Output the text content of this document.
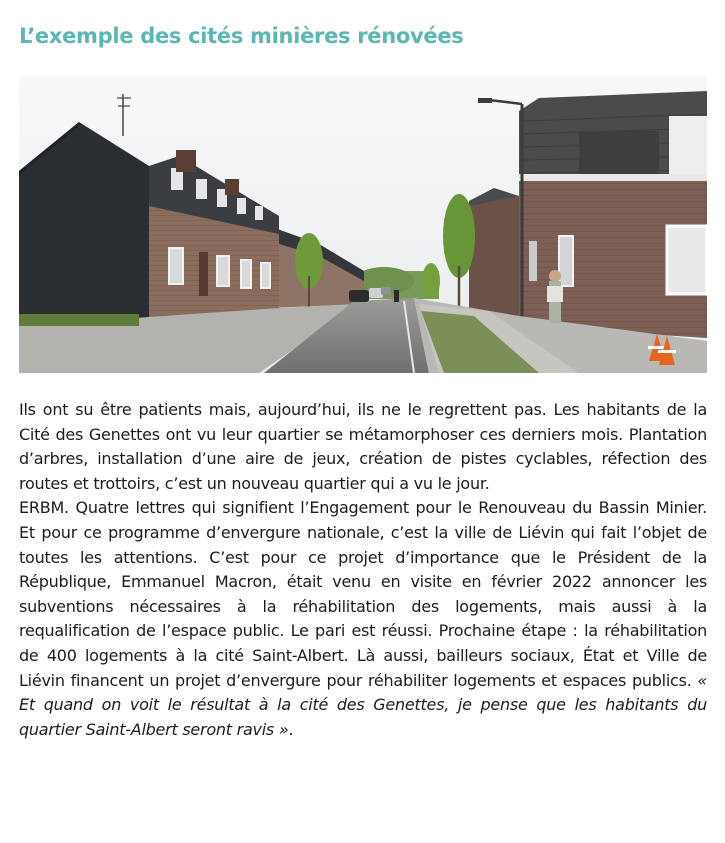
L’exemple des cités minières rénovées

Ils ont su être patients mais, aujourd’hui, ils ne le regrettent pas. Les habitants de la Cité des Genettes ont vu leur quartier se métamorphoser ces derniers mois. Plantation d’arbres, installation d’une aire de jeux, création de pistes cyclables, réfection des routes et trottoirs, c’est un nouveau quartier qui a vu le jour.

ERBM. Quatre lettres qui signifient l’Engagement pour le Renouveau du Bassin Minier. Et pour ce programme d’envergure nationale, c’est la ville de Liévin qui fait l’objet de toutes les attentions. C’est pour ce projet d’importance que le Président de la République, Emmanuel Macron, était venu en visite en février 2022 annoncer les subventions nécessaires à la réhabilitation des logements, mais aussi à la requalification de l’espace public. Le pari est réussi. Prochaine étape : la réhabilitation de 400 logements à la cité Saint-Albert. Là aussi, bailleurs sociaux, État et Ville de Liévin financent un projet d’envergure pour réhabiliter logements et espaces publics. « Et quand on voit le résultat à la cité des Genettes, je pense que les habitants du quartier Saint-Albert seront ravis ».
